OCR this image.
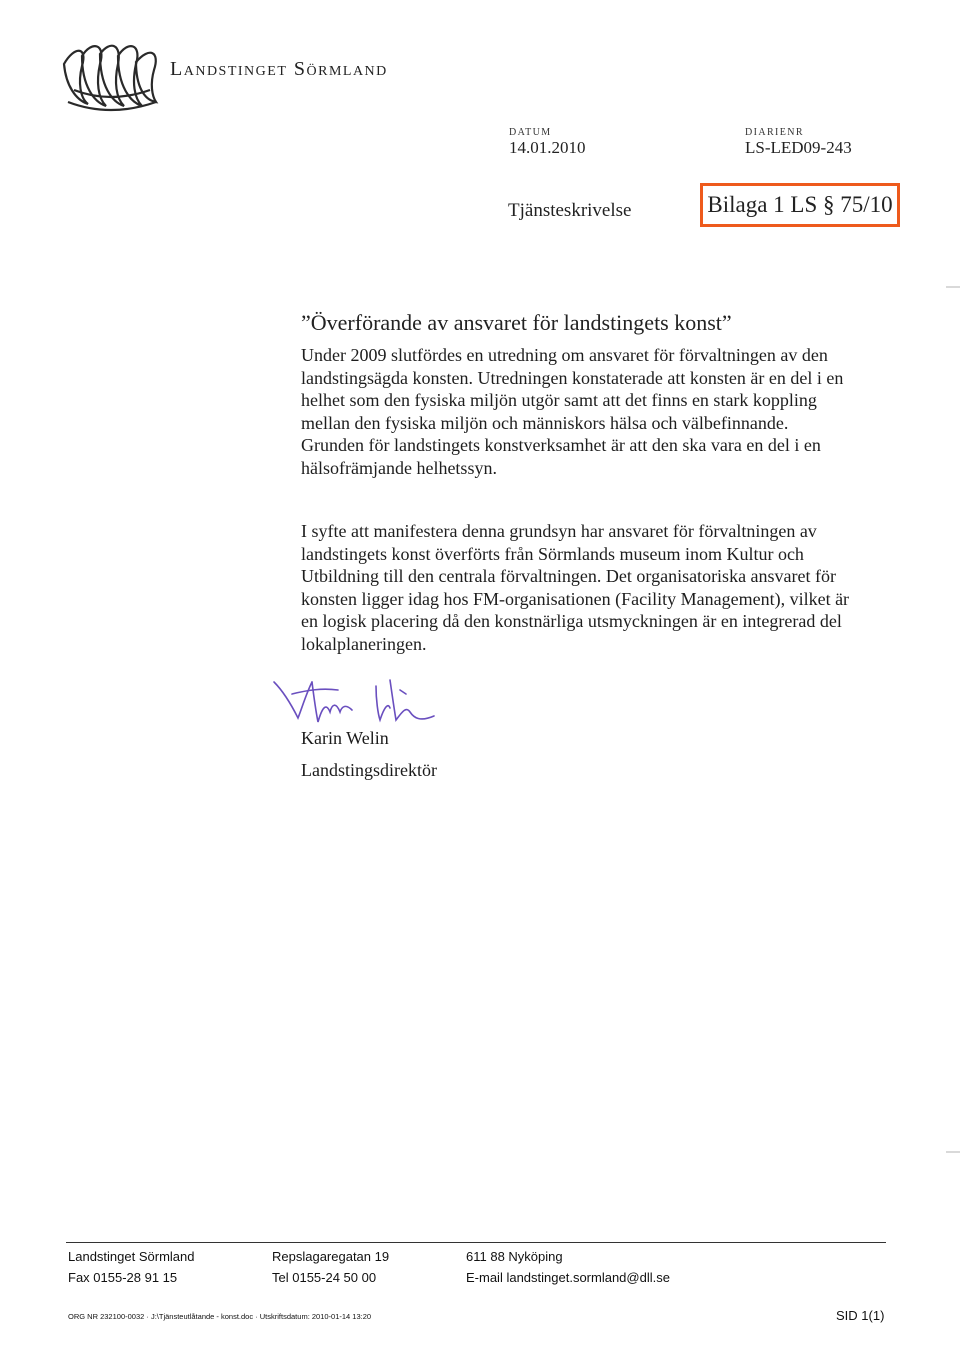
Landstinget Sörmland
DATUM
14.01.2010
DIARIENR
LS-LED09-243
Tjänsteskrivelse	Bilaga 1 LS § 75/10
”Överförande av ansvaret för landstingets konst”
Under 2009 slutfördes en utredning om ansvaret för förvaltningen av den
landstingsägda konsten. Utredningen konstaterade att konsten är en del i en
helhet som den fysiska miljön utgör samt att det finns en stark koppling
mellan den fysiska miljön och människors hälsa och välbefinnande.
Grunden för landstingets konstverksamhet är att den ska vara en del i en
hälsofrämjande helhetssyn.
I syfte att manifestera denna grundsyn har ansvaret för förvaltningen av
landstingets konst överförts från Sörmlands museum inom Kultur och
Utbildning till den centrala förvaltningen. Det organisatoriska ansvaret för
konsten ligger idag hos FM-organisationen (Facility Management), vilket är
en logisk placering då den konstnärliga utsmyckningen är en integrerad del
lokalplaneringen.
Karin Welin
Landstingsdirektör
Landstinget Sörmland
Fax 0155-28 91 15
Repslagaregatan 19
Tel 0155-24 50 00
611 88 Nyköping
E-mail landstinget.sormland@dll.se
ORG NR 232100-0032 · J:\Tjänsteutlåtande - konst.doc · Utskriftsdatum: 2010-01-14 13:20	SID 1(1)
